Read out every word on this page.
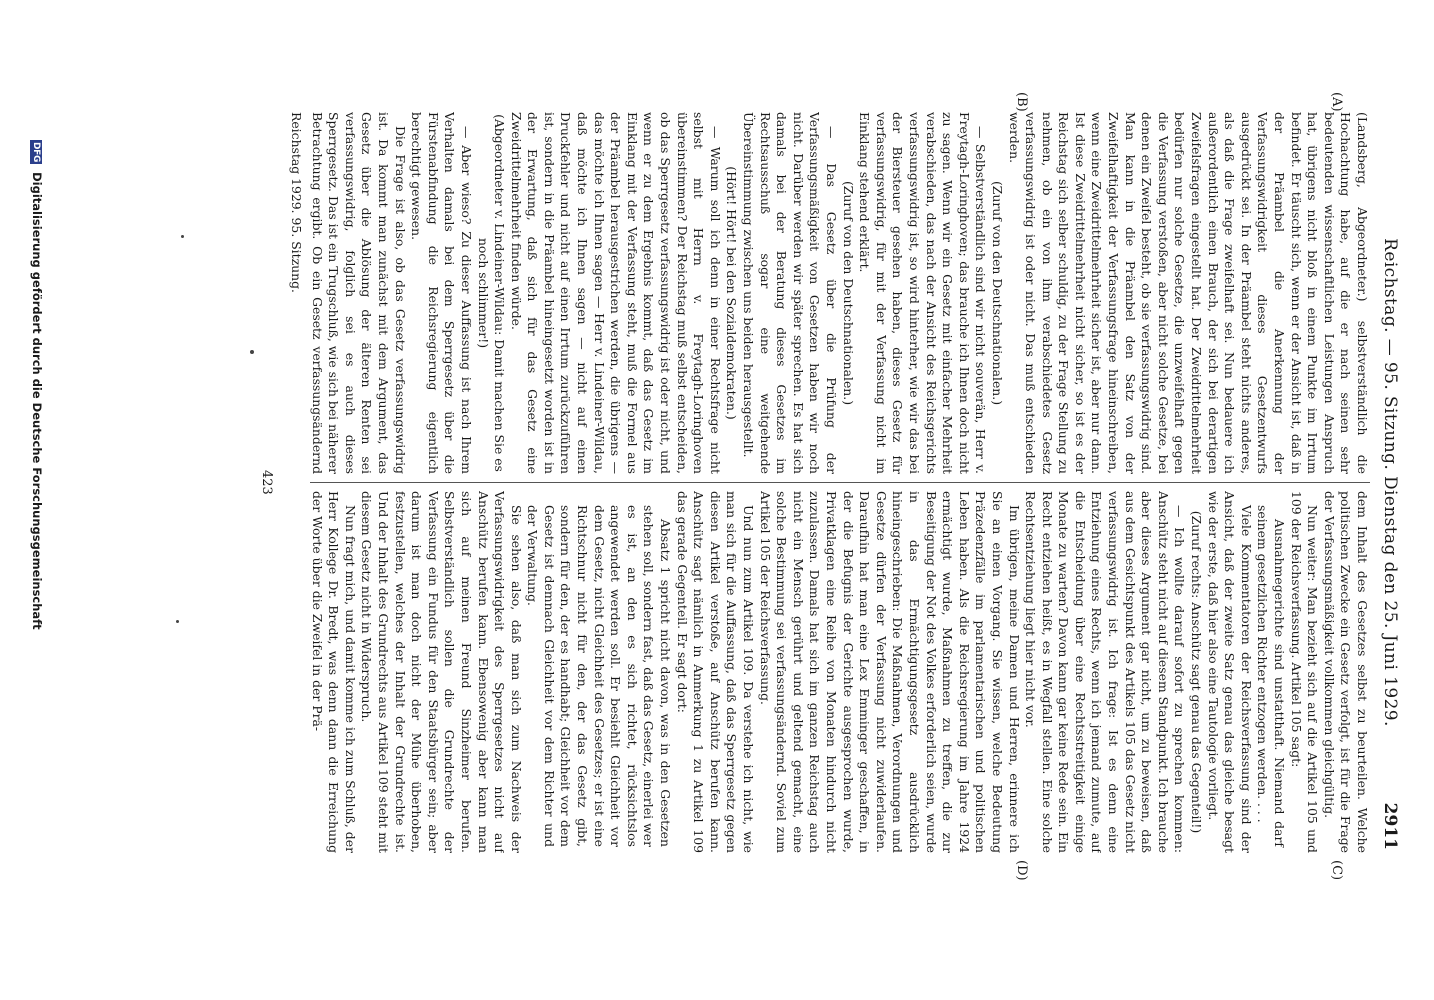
Reichstag. — 95. Sitzung. Dienstag den 25. Juni 1929.
2911
(A)
(B)
(C)
(D)

(Landsberg, Abgeordneter.) selbstverständlich die Hochachtung habe, auf die er nach seinen sehr bedeutenden wissenschaftlichen Leistungen Anspruch hat, übrigens nicht bloß in einem Punkte im Irrtum befindet. Er täuscht sich, wenn er der Ansicht ist, daß in der Präambel die Anerkennung der Verfassungswidrigkeit dieses Gesetzentwurfs ausgedrückt sei. In der Präambel steht nichts anderes, als daß die Frage zweifelhaft sei. Nun bedauere ich außerordentlich einen Brauch, der sich bei derartigen Zweifelsfragen eingestellt hat. Der Zweidrittelmehrheit bedürfen nur solche Gesetze, die unzweifelhaft gegen die Verfassung verstoßen, aber nicht solche Gesetze, bei denen ein Zweifel besteht, ob sie verfassungswidrig sind. Man kann in die Präambel den Satz von der Zweifelhaftigkeit der Verfassungsfrage hineinschreiben, wenn eine Zweidrittelmehrheit sicher ist, aber nur dann. Ist diese Zweidrittelmehrheit nicht sicher, so ist es der Reichstag sich selber schuldig, zu der Frage Stellung zu nehmen, ob ein von ihm verabschiedetes Gesetz verfassungswidrig ist oder nicht. Das muß entschieden werden.

(Zuruf von den Deutschnationalen.)

— Selbstverständlich sind wir nicht souverän, Herr v. Freytagh-Loringhoven; das brauche ich Ihnen doch nicht zu sagen. Wenn wir ein Gesetz mit einfacher Mehrheit verabschieden, das nach der Ansicht des Reichsgerichts verfassungswidrig ist, so wird hinterher, wie wir das bei der Biersteuer gesehen haben, dieses Gesetz für verfassungswidrig, für mit der Verfassung nicht im Einklang stehend erklärt.

(Zuruf von den Deutschnationalen.)

— Das Gesetz über die Prüfung der Verfassungsmäßigkeit von Gesetzen haben wir noch nicht. Darüber werden wir später sprechen. Es hat sich damals bei der Beratung dieses Gesetzes im Rechtsausschuß sogar eine weitgehende Übereinstimmung zwischen uns beiden herausgestellt.

(Hört! Hört! bei den Sozialdemokraten.)

— Warum soll ich denn in einer Rechtsfrage nicht selbst mit Herrn v. Freytagh-Loringhoven übereinstimmen? Der Reichstag muß selbst entscheiden, ob das Sperrgesetz verfassungswidrig ist oder nicht, und wenn er zu dem Ergebnis kommt, daß das Gesetz im Einklang mit der Verfassung steht, muß die Formel aus der Präambel herausgestrichen werden, die übrigens — das möchte ich Ihnen sagen — Herr v. Lindeiner-Wildau, daß möchte ich Ihnen sagen — nicht auf einen Druckfehler und nicht auf einen Irrtum zurückzuführen ist, sondern in die Präambel hineingesetzt worden ist in der Erwartung, daß sich für das Gesetz eine Zweidrittelmehrheit finden würde.

(Abgeordneter v. Lindeiner-Wildau: Damit machen Sie es noch schlimmer!)

— Aber wieso? Zu dieser Auffassung ist nach Ihrem Verhalten damals bei dem Sperrgesetz über die Fürstenabfindung die Reichsregierung eigentlich berechtigt gewesen.

Die Frage ist also, ob das Gesetz verfassungswidrig ist. Da kommt man zunächst mit dem Argument, das Gesetz über die Ablösung der älteren Renten sei verfassungswidrig, folglich sei es auch dieses Sperrgesetz. Das ist ein Trugschluß, wie sich bei näherer Betrachtung ergibt. Ob ein Gesetz verfassungsändernd

dem Inhalt des Gesetzes selbst zu beurteilen. Welche politischen Zwecke ein Gesetz verfolgt, ist für die Frage der Verfassungsmäßigkeit vollkommen gleichgültig.

Nun weiter: Man bezieht sich auf die Artikel 105 und 109 der Reichsverfassung. Artikel 105 sagt:

Ausnahmegerichte sind unstatthaft. Niemand darf seinem gesetzlichen Richter entzogen werden. . . .

Viele Kommentatoren der Reichsverfassung sind der Ansicht, daß der zweite Satz genau das gleiche besagt wie der erste, daß hier also eine Tautologie vorliegt.

(Zuruf rechts: Anschütz sagt genau das Gegenteil!)

— Ich wollte darauf sofort zu sprechen kommen: Anschütz steht nicht auf diesem Standpunkt. Ich brauche aber dieses Argument gar nicht, um zu beweisen, daß aus dem Gesichtspunkt des Artikels 105 das Gesetz nicht verfassungswidrig ist. Ich frage: Ist es denn eine Entziehung eines Rechts, wenn ich jemand zumute, auf die Entscheidung über eine Rechtsstreitigkeit einige Monate zu warten? Davon kann gar keine Rede sein. Ein Recht entziehen heißt, es in Wegfall stellen. Eine solche Rechtsentziehung liegt hier nicht vor.

Im übrigen, meine Damen und Herren, erinnere ich Sie an einen Vorgang. Sie wissen, welche Bedeutung Präzedenzfälle im parlamentarischen und politischen Leben haben. Als die Reichsregierung im Jahre 1924 ermächtigt wurde, Maßnahmen zu treffen, die zur Beseitigung der Not des Volkes erforderlich seien, wurde in das Ermächtigungsgesetz ausdrücklich hineingeschrieben: Die Maßnahmen, Verordnungen und Gesetze dürfen der Verfassung nicht zuwiderlaufen. Daraufhin hat man eine Lex Emminger geschaffen, in der die Befugnis der Gerichte ausgesprochen wurde, Privatklagen eine Reihe von Monaten hindurch nicht zuzulassen. Damals hat sich im ganzen Reichstag auch nicht ein Mensch gerührt und geltend gemacht, eine solche Bestimmung sei verfassungsändernd. Soviel zum Artikel 105 der Reichsverfassung.

Und nun zum Artikel 109. Da verstehe ich nicht, wie man sich für die Auffassung, daß das Sperrgesetz gegen diesen Artikel verstoße, auf Anschütz berufen kann. Anschütz sagt nämlich in Anmerkung 1 zu Artikel 109 das gerade Gegenteil. Er sagt dort:

Absatz 1 spricht nicht davon, was in den Gesetzen stehen soll, sondern fast, daß das Gesetz, einerlei wer es ist, an den es sich richtet, rücksichtslos angewendet werden soll. Er besiehlt Gleichheit vor dem Gesetz, nicht Gleichheit des Gesetzes; er ist eine Richtschnur nicht für den, der das Gesetz gibt, sondern für den, der es handhabt; Gleichheit vor dem Gesetz ist demnach Gleichheit vor dem Richter und der Verwaltung.

Sie sehen also, daß man sich zum Nachweis der Verfassungswidrigkeit des Sperrgesetzes nicht auf Anschütz berufen kann. Ebensowenig aber kann man sich auf meinen Freund Sinzheimer berufen. Selbstverständlich sollen die Grundrechte der Verfassung ein Fundus für den Staatsbürger sein; aber darum ist man doch nicht der Mühe überhoben, festzustellen, welches der Inhalt der Grundrechte ist. Und der Inhalt des Grundrechts aus Artikel 109 steht mit diesem Gesetz nicht in Widerspruch.

Nun fragt mich, und damit komme ich zum Schluß, der Herr Kollege Dr. Bredt, was denn dann die Erreichung der Worte über die Zweifel in der Prä-

Reichstag 1929. 95. Sitzung.
423
DFG Digitalisierung gefördert durch die Deutsche Forschungsgemeinschaft
